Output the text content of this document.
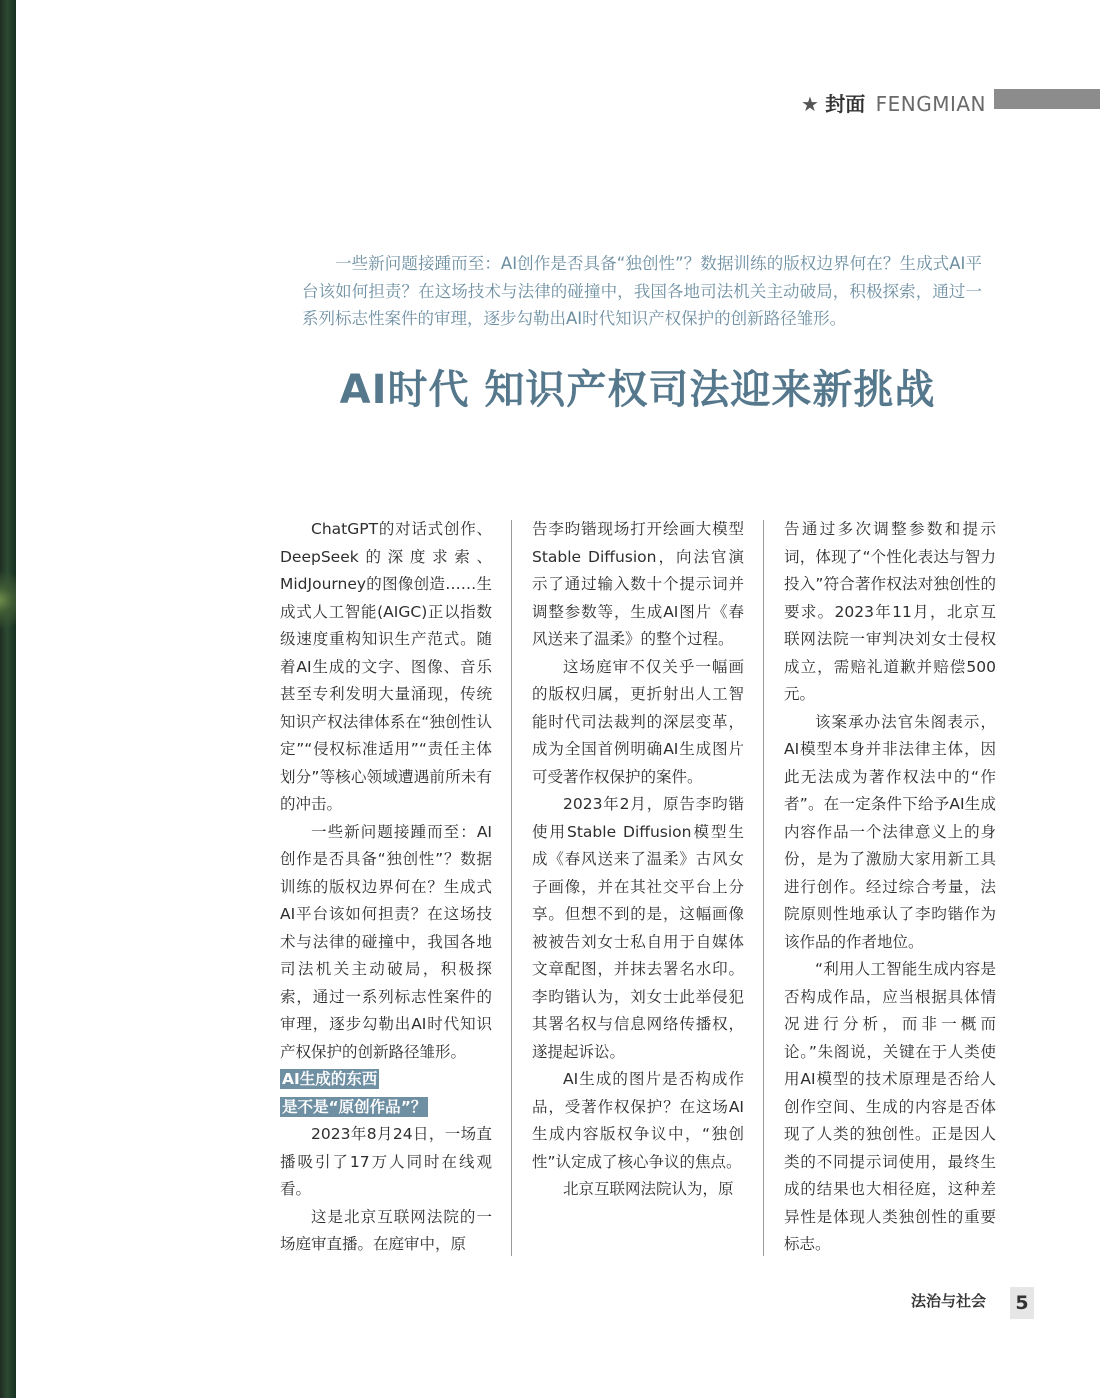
★ 封面 FENGMIAN
一些新问题接踵而至：AI创作是否具备“独创性”？数据训练的版权边界何在？生成式AI平台该如何担责？在这场技术与法律的碰撞中，我国各地司法机关主动破局，积极探索，通过一系列标志性案件的审理，逐步勾勒出AI时代知识产权保护的创新路径雏形。
AI时代 知识产权司法迎来新挑战

ChatGPT的对话式创作、DeepSeek的深度求索、MidJourney的图像创造……生成式人工智能(AIGC)正以指数级速度重构知识生产范式。随着AI生成的文字、图像、音乐甚至专利发明大量涌现，传统知识产权法律体系在“独创性认定”“侵权标准适用”“责任主体划分”等核心领域遭遇前所未有的冲击。

一些新问题接踵而至：AI创作是否具备“独创性”？数据训练的版权边界何在？生成式AI平台该如何担责？在这场技术与法律的碰撞中，我国各地司法机关主动破局，积极探索，通过一系列标志性案件的审理，逐步勾勒出AI时代知识产权保护的创新路径雏形。

AI生成的东西
是不是“原创作品”？

2023年8月24日，一场直播吸引了17万人同时在线观看。

这是北京互联网法院的一场庭审直播。在庭审中，原

告李昀锴现场打开绘画大模型Stable Diffusion，向法官演示了通过输入数十个提示词并调整参数等，生成AI图片《春风送来了温柔》的整个过程。

这场庭审不仅关乎一幅画的版权归属，更折射出人工智能时代司法裁判的深层变革，成为全国首例明确AI生成图片可受著作权保护的案件。

2023年2月，原告李昀锴使用Stable Diffusion模型生成《春风送来了温柔》古风女子画像，并在其社交平台上分享。但想不到的是，这幅画像被被告刘女士私自用于自媒体文章配图，并抹去署名水印。李昀锴认为，刘女士此举侵犯其署名权与信息网络传播权，遂提起诉讼。

AI生成的图片是否构成作品，受著作权保护？在这场AI生成内容版权争议中，“独创性”认定成了核心争议的焦点。

北京互联网法院认为，原

告通过多次调整参数和提示词，体现了“个性化表达与智力投入”符合著作权法对独创性的要求。2023年11月，北京互联网法院一审判决刘女士侵权成立，需赔礼道歉并赔偿500元。

该案承办法官朱阁表示，AI模型本身并非法律主体，因此无法成为著作权法中的“作者”。在一定条件下给予AI生成内容作品一个法律意义上的身份，是为了激励大家用新工具进行创作。经过综合考量，法院原则性地承认了李昀锴作为该作品的作者地位。

“利用人工智能生成内容是否构成作品，应当根据具体情况进行分析，而非一概而论。”朱阁说，关键在于人类使用AI模型的技术原理是否给人创作空间、生成的内容是否体现了人类的独创性。正是因人类的不同提示词使用，最终生成的结果也大相径庭，这种差异性是体现人类独创性的重要标志。

法治与社会 5
